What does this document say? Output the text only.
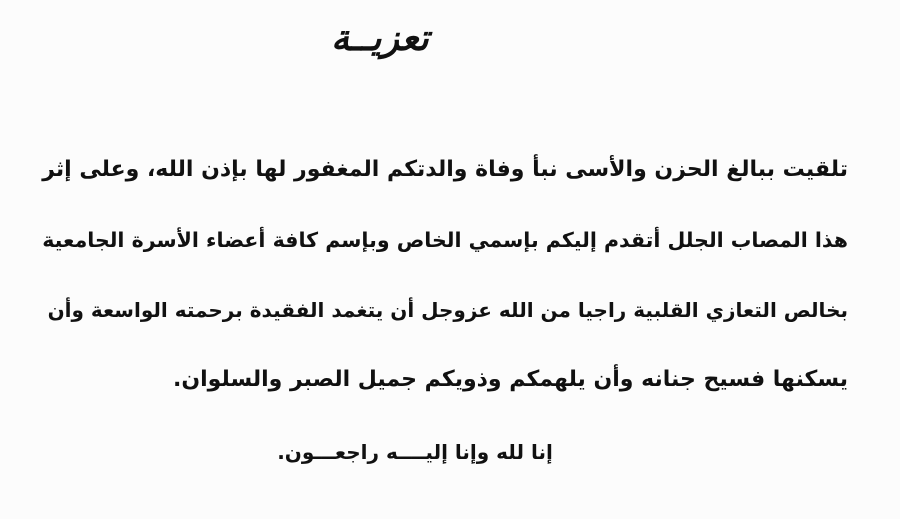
تعزيــة
تلقيت ببالغ الحزن والأسى نبأ وفاة والدتكم المغفور لها بإذن الله، وعلى إثر
هذا المصاب الجلل أتقدم إليكم بإسمي الخاص وبإسم كافة أعضاء الأسرة الجامعية
بخالص التعازي القلبية راجيا من الله عزوجل أن يتغمد الفقيدة برحمته الواسعة وأن
يسكنها فسيح جنانه وأن يلهمكم وذويكم جميل الصبر والسلوان.
إنا لله وإنا إليــــه راجعـــون.
